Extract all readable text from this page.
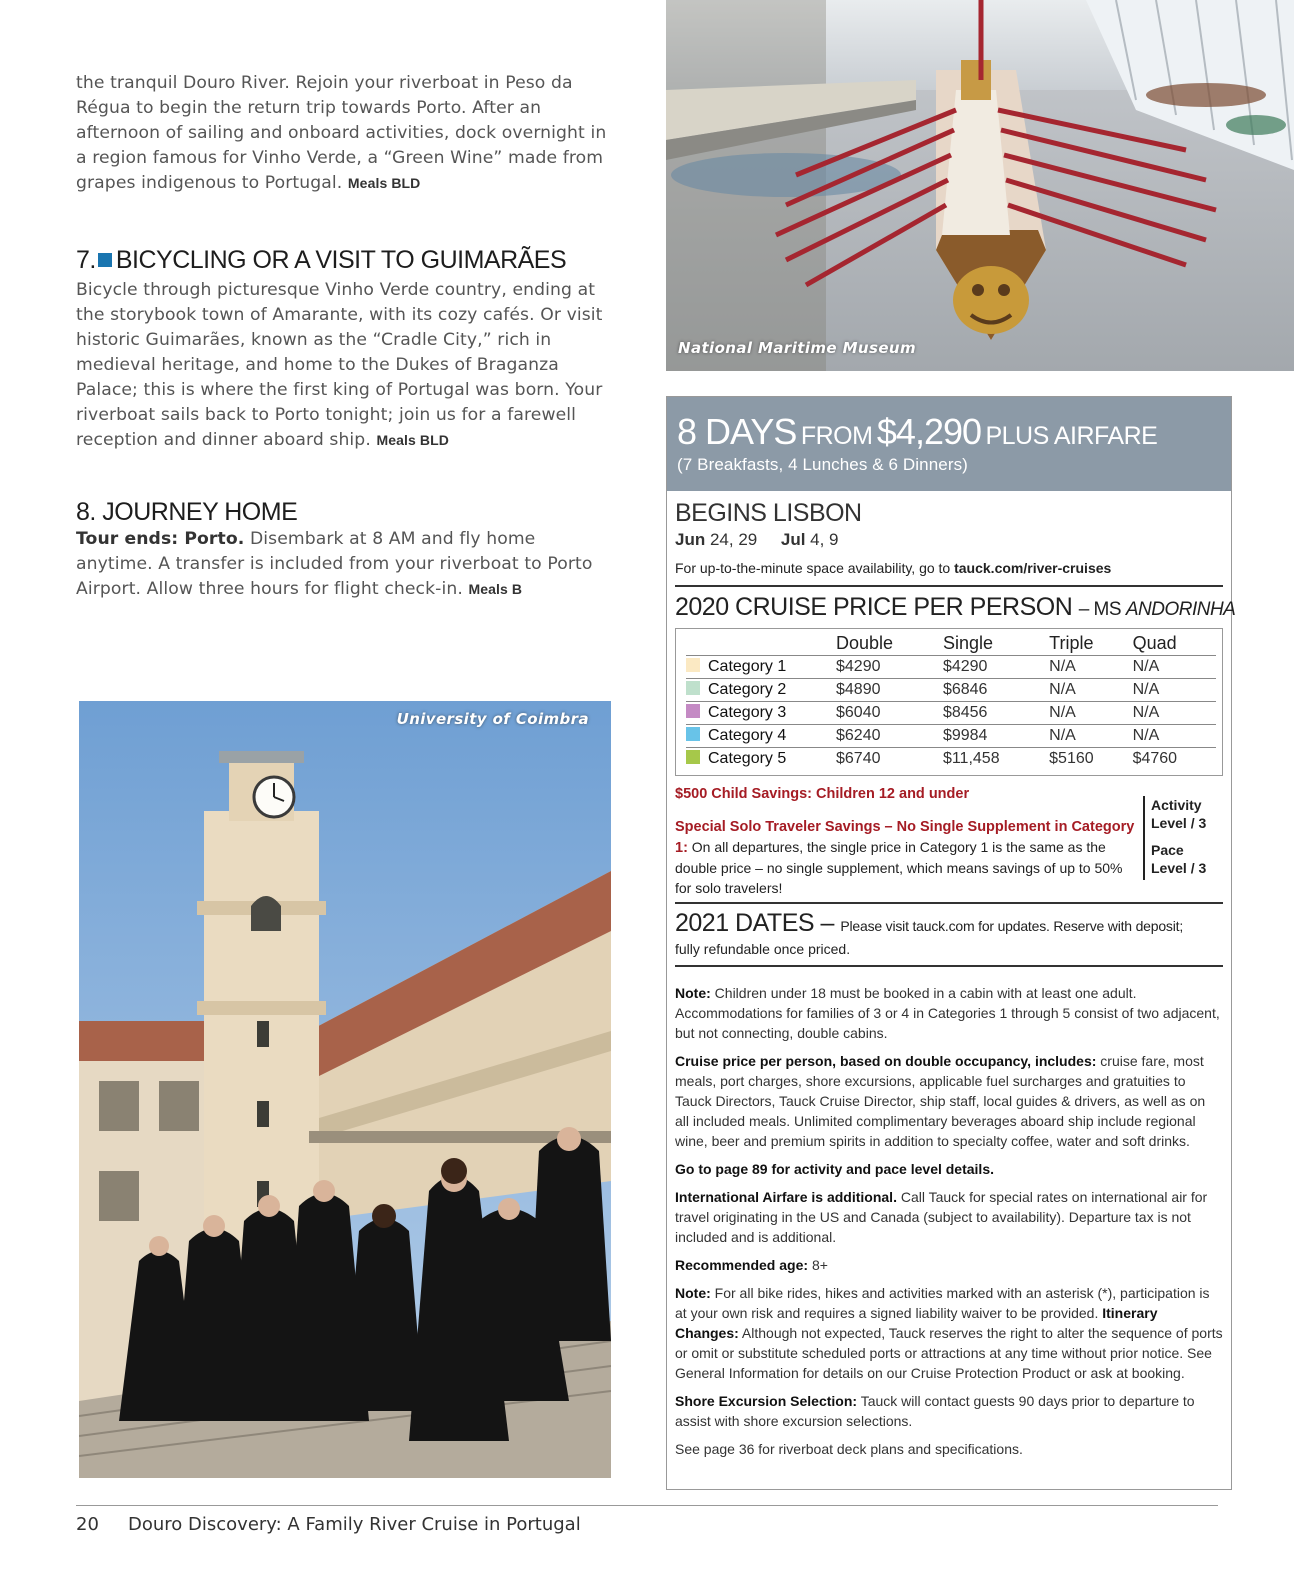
the tranquil Douro River. Rejoin your riverboat in Peso da Régua to begin the return trip towards Porto. After an afternoon of sailing and onboard activities, dock overnight in a region famous for Vinho Verde, a “Green Wine” made from grapes indigenous to Portugal. Meals BLD
7. BICYCLING OR A VISIT TO GUIMARÃES
Bicycle through picturesque Vinho Verde country, ending at the storybook town of Amarante, with its cozy cafés. Or visit historic Guimarães, known as the “Cradle City,” rich in medieval heritage, and home to the Dukes of Braganza Palace; this is where the first king of Portugal was born. Your riverboat sails back to Porto tonight; join us for a farewell reception and dinner aboard ship. Meals BLD
8. JOURNEY HOME
Tour ends: Porto. Disembark at 8 AM and fly home anytime. A transfer is included from your riverboat to Porto Airport. Allow three hours for flight check-in. Meals B
National Maritime Museum
University of Coimbra
8 DAYS FROM $4,290 PLUS AIRFARE
(7 Breakfasts, 4 Lunches & 6 Dinners)
BEGINS LISBON
Jun 24, 29 Jul 4, 9
For up-to-the-minute space availability, go to tauck.com/river-cruises
2020 CRUISE PRICE PER PERSON – MS ANDORINHA
	Double	Single	Triple	Quad
Category 1	$4290	$4290	N/A	N/A
Category 2	$4890	$6846	N/A	N/A
Category 3	$6040	$8456	N/A	N/A
Category 4	$6240	$9984	N/A	N/A
Category 5	$6740	$11,458	$5160	$4760
$500 Child Savings: Children 12 and under
Special Solo Traveler Savings – No Single Supplement in Category 1: On all departures, the single price in Category 1 is the same as the double price – no single supplement, which means savings of up to 50% for solo travelers!
Activity
Level / 3
Pace
Level / 3
2021 DATES – Please visit tauck.com for updates. Reserve with deposit;
fully refundable once priced.

Note: Children under 18 must be booked in a cabin with at least one adult. Accommodations for families of 3 or 4 in Categories 1 through 5 consist of two adjacent, but not connecting, double cabins.

Cruise price per person, based on double occupancy, includes: cruise fare, most meals, port charges, shore excursions, applicable fuel surcharges and gratuities to Tauck Directors, Tauck Cruise Director, ship staff, local guides & drivers, as well as on all included meals. Unlimited complimentary beverages aboard ship include regional wine, beer and premium spirits in addition to specialty coffee, water and soft drinks.

Go to page 89 for activity and pace level details.

International Airfare is additional. Call Tauck for special rates on international air for travel originating in the US and Canada (subject to availability). Departure tax is not included and is additional.

Recommended age: 8+

Note: For all bike rides, hikes and activities marked with an asterisk (*), participation is at your own risk and requires a signed liability waiver to be provided. Itinerary Changes: Although not expected, Tauck reserves the right to alter the sequence of ports or omit or substitute scheduled ports or attractions at any time without prior notice. See General Information for details on our Cruise Protection Product or ask at booking.

Shore Excursion Selection: Tauck will contact guests 90 days prior to departure to assist with shore excursion selections.

See page 36 for riverboat deck plans and specifications.

20 Douro Discovery: A Family River Cruise in Portugal
